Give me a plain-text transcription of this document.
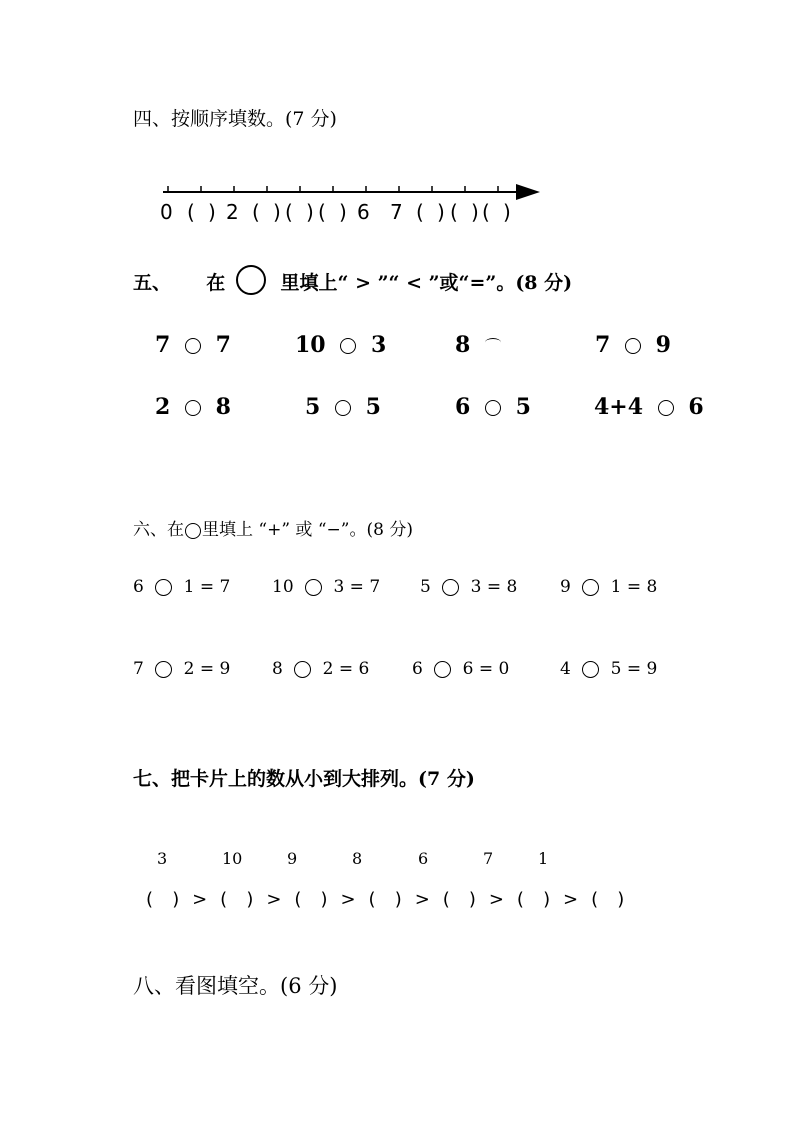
四、按顺序填数。(7 分)
0 ( ) 2 ( ) ( ) ( ) 6 7 ( ) ( ) ( )
五、 在	里填上“ > ”“ < ”或“=”。(8 分)
7 7	10 3	8	7 9
2 8	5 5	6 5	4+4 6
六、在 里填上 “+” 或 “−”。(8 分)
6 1 = 7 10 3 = 7 5 3 = 8	9 1 = 8
7 2 = 9 8 2 = 6	6 6 = 0	4 5 = 9
七、把卡片上的数从小到大排列。(7 分)
3	10	9	8	6	7	1
(   )  >  (   )  >  (   )  >  (   )  >  (   )  >  (   )  >  (   )
八、看图填空。(6 分)
